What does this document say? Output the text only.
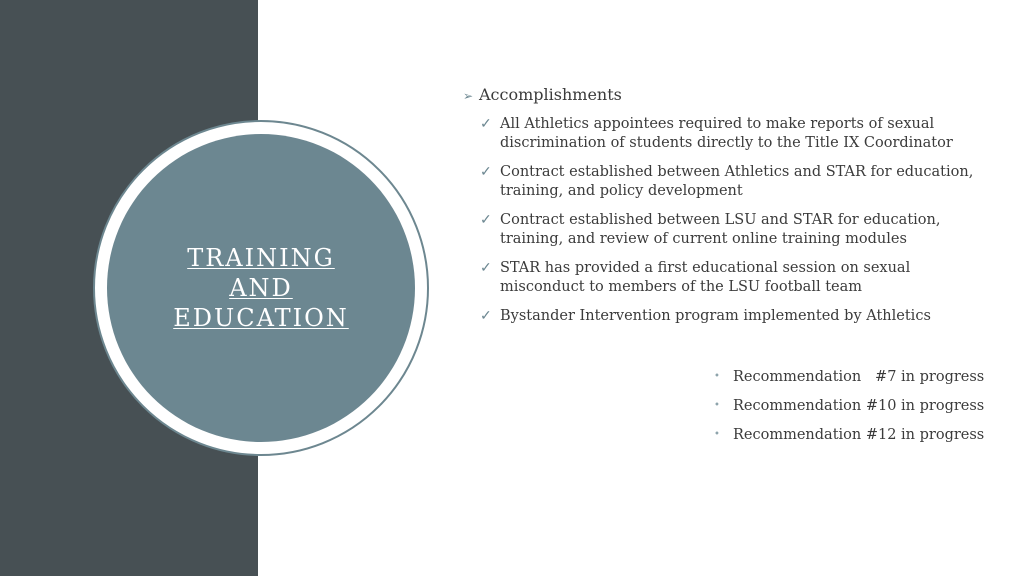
TRAINING
AND
EDUCATION
➢ Accomplishments
✓ All Athletics appointees required to make reports of sexual discrimination of students directly to the Title IX Coordinator
✓ Contract established between Athletics and STAR for education, training, and policy development
✓ Contract established between LSU and STAR for education, training, and review of current online training modules
✓ STAR has provided a first educational session on sexual misconduct to members of the LSU football team
✓ Bystander Intervention program implemented by Athletics
• Recommendation   #7 in progress
• Recommendation #10 in progress
• Recommendation #12 in progress
